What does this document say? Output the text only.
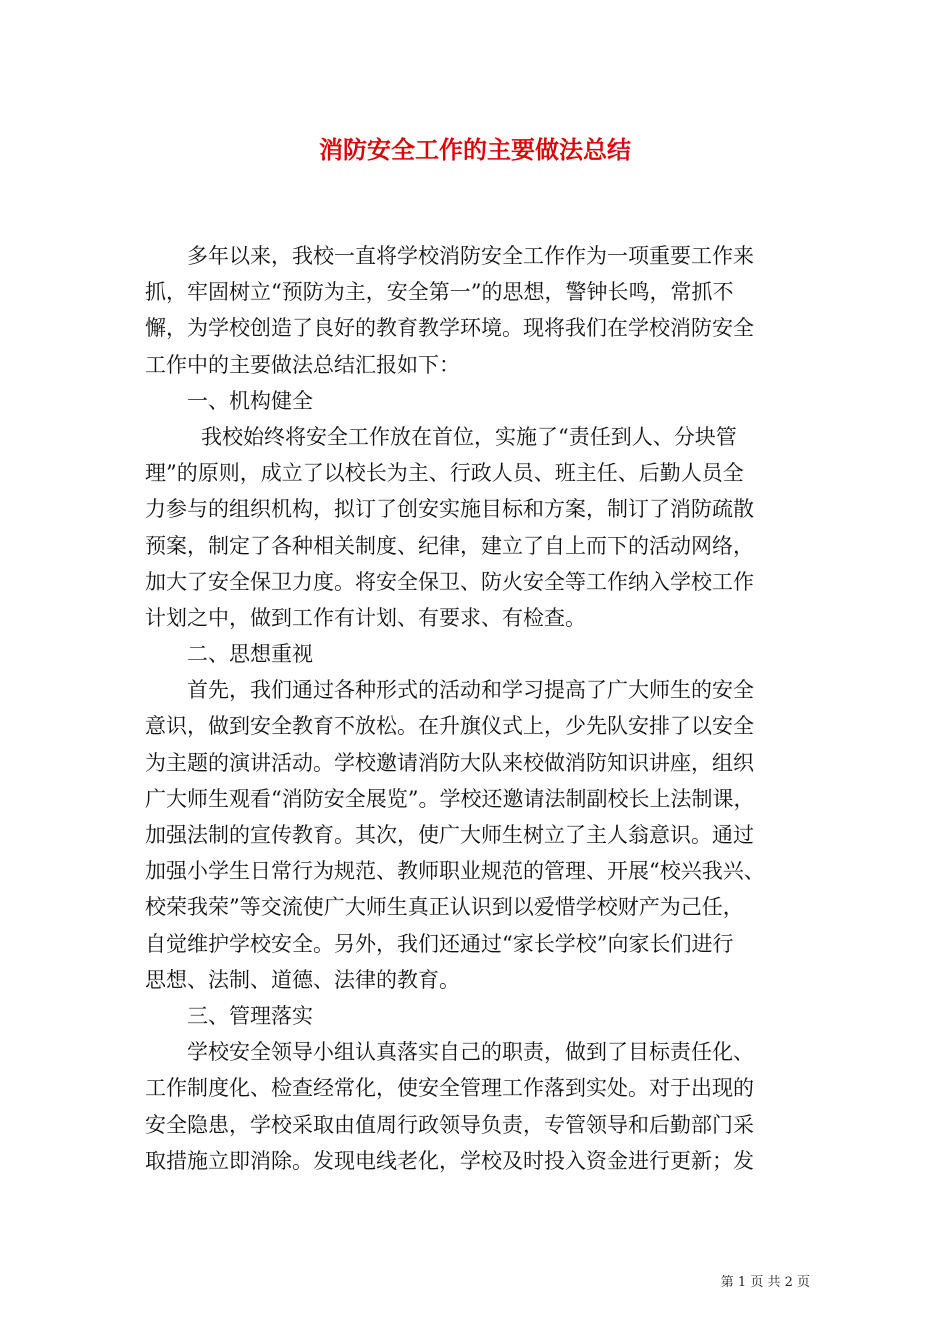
消防安全工作的主要做法总结
多年以来，我校一直将学校消防安全工作作为一项重要工作来
抓，牢固树立“预防为主，安全第一”的思想，警钟长鸣，常抓不
懈，为学校创造了良好的教育教学环境。现将我们在学校消防安全
工作中的主要做法总结汇报如下：
一、机构健全
我校始终将安全工作放在首位，实施了“责任到人、分块管
理”的原则，成立了以校长为主、行政人员、班主任、后勤人员全
力参与的组织机构，拟订了创安实施目标和方案，制订了消防疏散
预案，制定了各种相关制度、纪律，建立了自上而下的活动网络，
加大了安全保卫力度。将安全保卫、防火安全等工作纳入学校工作
计划之中，做到工作有计划、有要求、有检查。
二、思想重视
首先，我们通过各种形式的活动和学习提高了广大师生的安全
意识，做到安全教育不放松。在升旗仪式上，少先队安排了以安全
为主题的演讲活动。学校邀请消防大队来校做消防知识讲座，组织
广大师生观看“消防安全展览”。学校还邀请法制副校长上法制课，
加强法制的宣传教育。其次，使广大师生树立了主人翁意识。通过
加强小学生日常行为规范、教师职业规范的管理、开展“校兴我兴、
校荣我荣”等交流使广大师生真正认识到以爱惜学校财产为己任，
自觉维护学校安全。另外，我们还通过“家长学校”向家长们进行
思想、法制、道德、法律的教育。
三、管理落实
学校安全领导小组认真落实自己的职责，做到了目标责任化、
工作制度化、检查经常化，使安全管理工作落到实处。对于出现的
安全隐患，学校采取由值周行政领导负责，专管领导和后勤部门采
取措施立即消除。发现电线老化，学校及时投入资金进行更新；发
第 1 页 共 2 页
